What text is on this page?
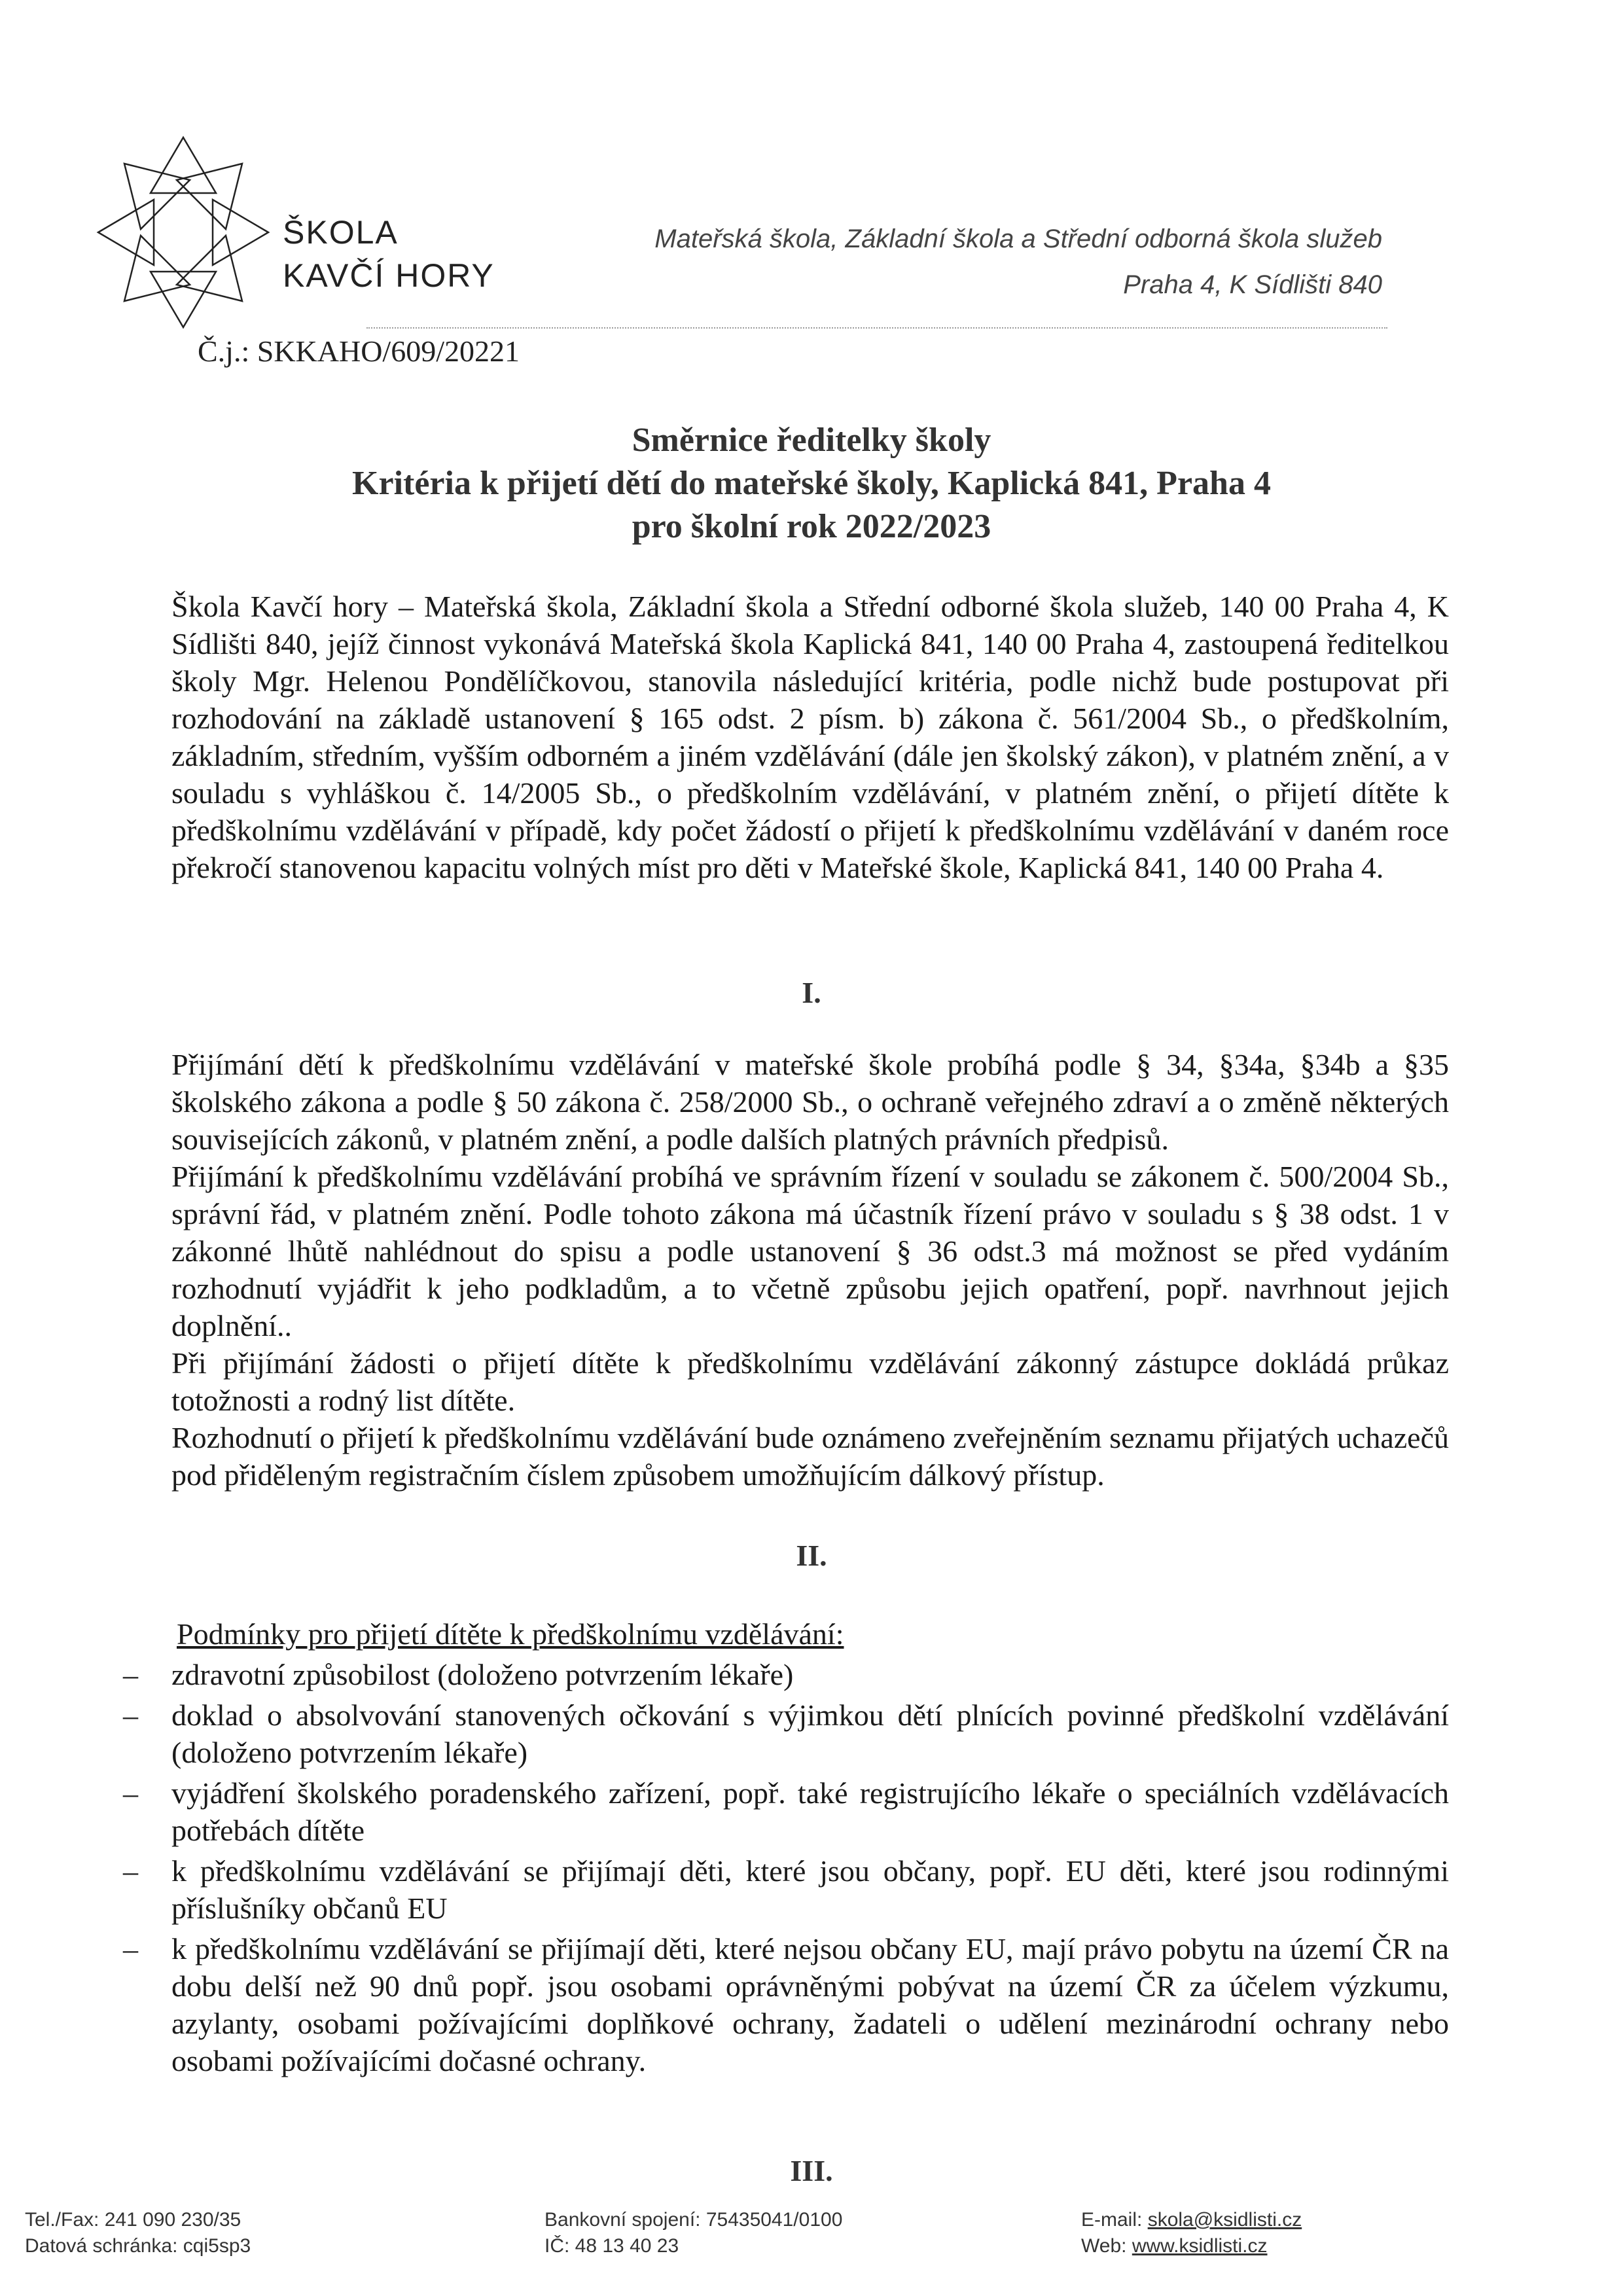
ŠKOLA
KAVČÍ HORY
Mateřská škola, Základní škola a Střední odborná škola služeb
Praha 4, K Sídlišti 840
Č.j.: SKKAHO/609/20221
Směrnice ředitelky školy
Kritéria k přijetí dětí do mateřské školy, Kaplická 841, Praha 4
pro školní rok 2022/2023
Škola Kavčí hory – Mateřská škola, Základní škola a Střední odborné škola služeb, 140 00 Praha 4, K Sídlišti 840, jejíž činnost vykonává Mateřská škola Kaplická 841, 140 00 Praha 4, zastoupená ředitelkou školy Mgr. Helenou Pondělíčkovou, stanovila následující kritéria, podle nichž bude postupovat při rozhodování na základě ustanovení § 165 odst. 2 písm. b) zákona č. 561/2004 Sb., o předškolním, základním, středním, vyšším odborném a jiném vzdělávání (dále jen školský zákon), v platném znění, a v souladu s vyhláškou č. 14/2005 Sb., o předškolním vzdělávání, v platném znění, o přijetí dítěte k předškolnímu vzdělávání v případě, kdy počet žádostí o přijetí k předškolnímu vzdělávání v daném roce překročí stanovenou kapacitu volných míst pro děti v Mateřské škole, Kaplická 841, 140 00 Praha 4.
I.
Přijímání dětí k předškolnímu vzdělávání v mateřské škole probíhá podle § 34, §34a, §34b a §35 školského zákona a podle § 50 zákona č. 258/2000 Sb., o ochraně veřejného zdraví a o změně některých souvisejících zákonů, v platném znění, a podle dalších platných právních předpisů.
Přijímání k předškolnímu vzdělávání probíhá ve správním řízení v souladu se zákonem č. 500/2004 Sb., správní řád, v platném znění. Podle tohoto zákona má účastník řízení právo v souladu s § 38 odst. 1 v zákonné lhůtě nahlédnout do spisu a podle ustanovení § 36 odst.3 má možnost se před vydáním rozhodnutí vyjádřit k jeho podkladům, a to včetně způsobu jejich opatření, popř. navrhnout jejich doplnění..
Při přijímání žádosti o přijetí dítěte k předškolnímu vzdělávání zákonný zástupce dokládá průkaz totožnosti a rodný list dítěte.
Rozhodnutí o přijetí k předškolnímu vzdělávání bude oznámeno zveřejněním seznamu přijatých uchazečů pod přiděleným registračním číslem způsobem umožňujícím dálkový přístup.
II.
Podmínky pro přijetí dítěte k předškolnímu vzdělávání:
– zdravotní způsobilost (doloženo potvrzením lékaře)
– doklad o absolvování stanovených očkování s výjimkou dětí plnících povinné předškolní vzdělávání (doloženo potvrzením lékaře)
– vyjádření školského poradenského zařízení, popř. také registrujícího lékaře o speciálních vzdělávacích potřebách dítěte
– k předškolnímu vzdělávání se přijímají děti, které jsou občany, popř. EU děti, které jsou rodinnými příslušníky občanů EU
– k předškolnímu vzdělávání se přijímají děti, které nejsou občany EU, mají právo pobytu na území ČR na dobu delší než 90 dnů popř. jsou osobami oprávněnými pobývat na území ČR za účelem výzkumu, azylanty, osobami požívajícími doplňkové ochrany, žadateli o udělení mezinárodní ochrany nebo osobami požívajícími dočasné ochrany.
III.
Tel./Fax: 241 090 230/35
Datová schránka: cqi5sp3
Bankovní spojení: 75435041/0100
IČ: 48 13 40 23
E-mail: skola@ksidlisti.cz
Web: www.ksidlisti.cz
